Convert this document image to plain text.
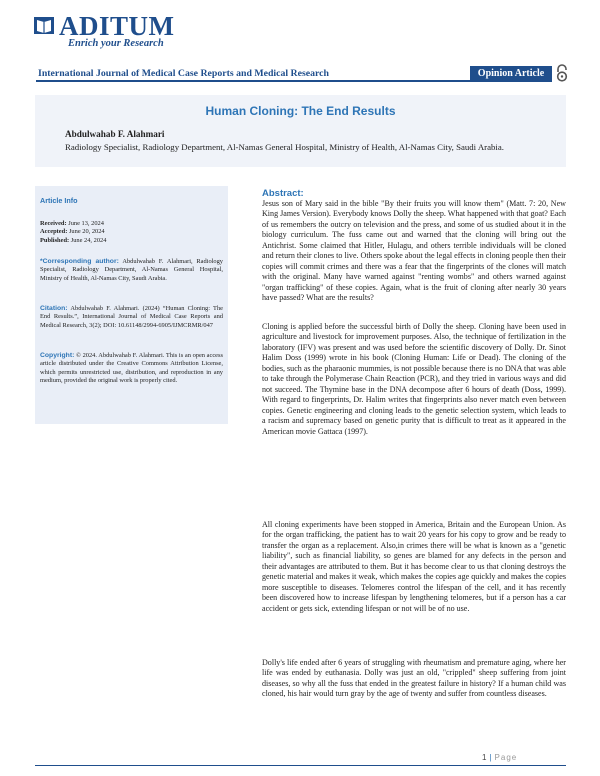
ADITUM
Enrich your Research
International Journal of Medical Case Reports and Medical Research	Opinion Article
Human Cloning: The End Results
Abdulwahab F. Alahmari
Radiology Specialist, Radiology Department, Al-Namas General Hospital, Ministry of Health, Al-Namas City, Saudi Arabia.
Article Info
Received: June 13, 2024
Accepted: June 20, 2024
Published: June 24, 2024
*Corresponding author: Abdulwahab F. Alahmari, Radiology Specialist, Radiology Department, Al-Namas General Hospital, Ministry of Health, Al-Namas City, Saudi Arabia.
Citation: Abdulwahab F. Alahmari. (2024) “Human Cloning: The End Results.”, International Journal of Medical Case Reports and Medical Research, 3(2); DOI: 10.61148/2994-6905/IJMCRMR/047
Copyright: © 2024. Abdulwahab F. Alahmari. This is an open access article distributed under the Creative Commons Attribution License, which permits unrestricted use, distribution, and reproduction in any medium, provided the original work is properly cited.
Abstract:
Jesus son of Mary said in the bible "By their fruits you will know them" (Matt. 7: 20, New King James Version). Everybody knows Dolly the sheep. What happened with that goat? Each of us remembers the outcry on television and the press, and some of us studied about it in the biology curriculum. The fuss came out and warned that the cloning will bring out the Antichrist. Some claimed that Hitler, Hulagu, and others terrible individuals will be cloned and return their clones to live. Others spoke about the legal effects in cloning people then their copies will commit crimes and there was a fear that the fingerprints of the clones will match with the original. Many have warned against "renting wombs" and others warned against "organ trafficking" of these copies. Again, what is the fruit of cloning after nearly 30 years have passed? What are the results?
Cloning is applied before the successful birth of Dolly the sheep. Cloning have been used in agriculture and livestock for improvement purposes. Also, the technique of fertilization in the laboratory (IFV) was present and was used before the scientific discovery of Dolly. Dr. Sinot Halim Doss (1999) wrote in his book (Cloning Human: Life or Dead). The cloning of the bodies, such as the pharaonic mummies, is not possible because there is no DNA that was able to take through the Polymerase Chain Reaction (PCR), and they tried in various ways and did not succeed. The Thymine base in the DNA decompose after 6 hours of death (Doss, 1999). With regard to fingerprints, Dr. Halim writes that fingerprints also never match even between copies. Genetic engineering and cloning leads to the genetic selection system, which leads to a racism and supremacy based on genetic purity that is difficult to treat as it appeared in the American movie Gattaca (1997).
All cloning experiments have been stopped in America, Britain and the European Union. As for the organ trafficking, the patient has to wait 20 years for his copy to grow and be ready to transfer the organ as a replacement. Also,in crimes there will be what is known as a "genetic liability", such as financial liability, so genes are blamed for any defects in the person and their advantages are attributed to them. But it has become clear to us that cloning destroys the genetic material and makes it weak, which makes the copies age quickly and makes the copies more susceptible to diseases. Telomeres control the lifespan of the cell, and it has recently been discovered how to increase lifespan by lengthening telomeres, but if a person has a car accident or gets sick, extending lifespan or not will be of no use.
Dolly's life ended after 6 years of struggling with rheumatism and premature aging, where her life was ended by euthanasia. Dolly was just an old, "crippled" sheep suffering from joint diseases, so why all the fuss that ended in the greatest failure in history? If a human child was cloned, his hair would turn gray by the age of twenty and suffer from countless diseases.
1 | Page
